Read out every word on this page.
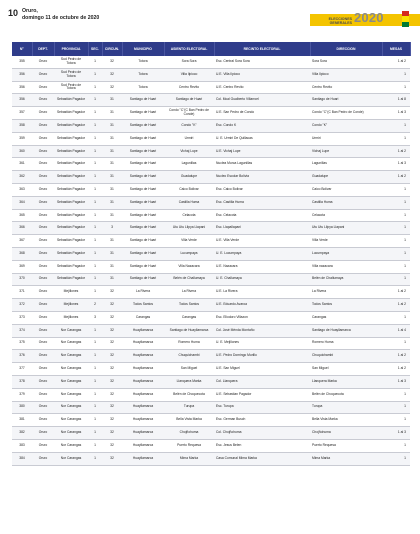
10 Oruro,
domingo 11 de octubre de 2020	ELECCIONES
GENERALES 2020
N°	DEPT.	PROVINCIA	SEC.	CIRCUN.	MUNICIPIO	ASIENTO ELECTORAL	RECINTO ELECTORAL	DIRECCION	MESAS
355	Oruro	Sud Pedro de Totora	1	32	Totora	Sora Sora	Esc. Central Sora Sora	Sora Sora	1 al 2
356	Oruro	Sud Pedro de Totora	1	32	Totora	Villa Ilpioco	U.E. Villa Ilpioco	Villa Ilpioco	1
356	Oruro	Sud Pedro de Totora	1	32	Totora	Centro Revito	U.E. Centro Revito	Centro Revito	1
356	Oruro	Sebastián Pagador	1	31	Santiago de Huari	Santiago de Huari	Col. Mcal Gualberto Villarroel	Santiago de Huari	1 al 8
357	Oruro	Sebastián Pagador	1	31	Santiago de Huari	Condo "C"(C Ban Pedro de Conde)	U.E. San Pedro de Condo	Condo "C"(C Ban Pedro de Conde)	1 al 3
358	Oruro	Sebastián Pagador	1	31	Santiago de Huari	Condo "K"	Esc. Condo K	Condo "K"	1
359	Oruro	Sebastián Pagador	1	31	Santiago de Huari	Urmiri	U. E. Urmiri De Quillacas	Urmiri	1
360	Oruro	Sebastián Pagador	1	31	Santiago de Huari	Vichaj Lupe	U.E. Vichaj Lupe	Vichaj Lupe	1 al 2
361	Oruro	Sebastián Pagador	1	31	Santiago de Huari	Lagunillas	Nuclea Murca Lagunillas	Lagunillas	1 al 3
362	Oruro	Sebastián Pagador	1	31	Santiago de Huari	Guadalupe	Nucleo Escolar Bolívia	Guadalupe	1 al 2
363	Oruro	Sebastián Pagador	1	31	Santiago de Huari	Caico Bolivar	Esc. Caico Bolivar	Caico Bolivar	1
364	Oruro	Sebastián Pagador	1	31	Santiago de Huari	Castilla Huma	Esc. Castilla Huma	Castilla Huma	1
365	Oruro	Sebastián Pagador	1	31	Santiago de Huari	Celacota	Esc. Celacota	Celacota	1
366	Oruro	Sebastián Pagador	1	3	Santiago de Huari	Utu Utu Lilpya Llapani	Esc. Llapallapani	Utu Utu Lilpya Llapani	1
367	Oruro	Sebastián Pagador	1	31	Santiago de Huari	Villa Verde	U.E. Villa Verde	Villa Verde	1
368	Oruro	Sebastián Pagador	1	31	Santiago de Huari	Lucumpaya	U. E. Lucumpaya	Lucumpaya	1
369	Oruro	Sebastián Pagador	1	31	Santiago de Huari	Villa Nazacara	U.E. Nazacara	Villa nazacara	1
370	Oruro	Sebastián Pagador	1	31	Santiago de Huari	Belén de Challumaya	U. E. Challumaya	Belén de Challumaya	1
371	Oruro	Mejillones	1	32	La Rivera	La Rivera	U.E. La Rivera	La Rivera	1 al 2
372	Oruro	Mejillones	2	32	Todos Santos	Todos Santos	U.E. Eduardo Avaroa	Todos Santos	1 al 2
373	Oruro	Mejillones	3	32	Carangas	Carangas	Esc. Eliodoro Villazon	Carangas	1
374	Oruro	Nor Carangas	1	32	Huayllamarca	Santiago de Huayllamarca	Col. José Ménda Montaño	Santiago de Huayllamarca	1 al 4
375	Oruro	Nor Carangas	1	32	Huayllamarca	Romero Huma	U. E. Mejillones	Romero Huma	1
376	Oruro	Nor Carangas	1	32	Huayllamarca	Chuquichambi	U.E. Pedro Domingo Murillo	Chuquichambi	1 al 2
377	Oruro	Nor Carangas	1	32	Huayllamarca	San Miguel	U.E. San Miguel	San Miguel	1 al 2
378	Oruro	Nor Carangas	1	32	Huayllamarca	Llanquera Marka	Col. Llanquera	Llanquera Marka	1 al 3
379	Oruro	Nor Carangas	1	32	Huayllamarca	Belén de Choquecota	U.E. Sebastian Pagador	Belén de Choquecota	1
380	Oruro	Nor Carangas	1	32	Huayllamarca	Turupa	Esc. Turupa	Turupa	1
381	Oruro	Nor Carangas	1	32	Huayllamarca	Bella Vista Marka	Esc. German Busch	Bella Vista Marka	1
382	Oruro	Nor Carangas	1	32	Huayllamarca	Chojñohuma	Col. Chojñohuma	Chojñohuma	1 al 3
383	Oruro	Nor Carangas	1	32	Huayllamarca	Puerto Requesa	Esc. Jesus Belen	Puerto Requesa	1
384	Oruro	Nor Carangas	1	32	Huayllamarca	Mima Marka	Casa Comunal Mima Marka	Mima Marka	1
